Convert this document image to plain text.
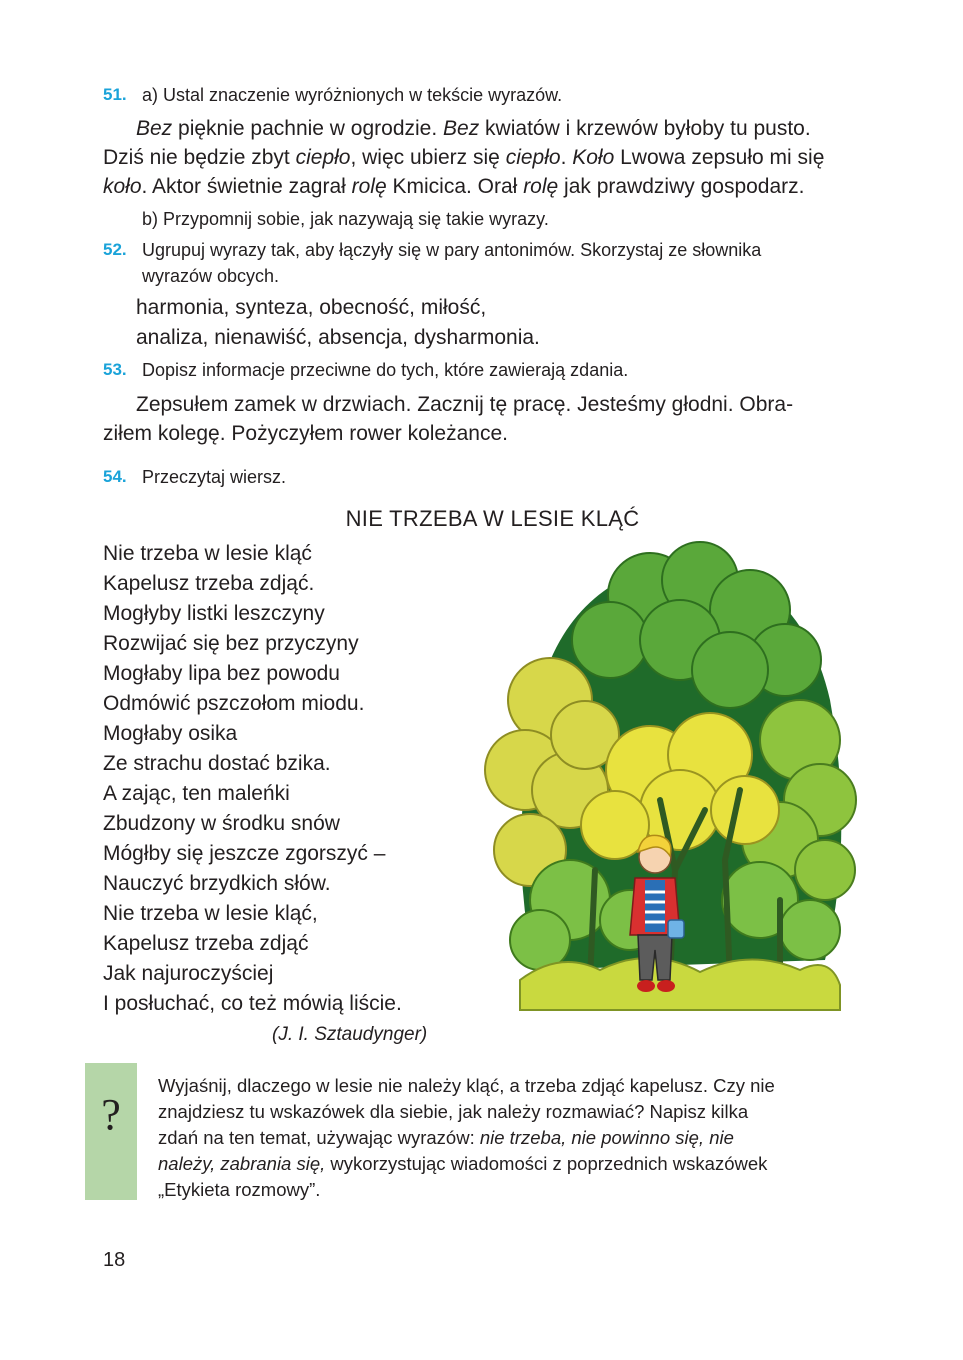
51. a) Ustal znaczenie wyróżnionych w tekście wyrazów.
Bez pięknie pachnie w ogrodzie. Bez kwiatów i krzewów byłoby tu pusto.
Dziś nie będzie zbyt ciepło, więc ubierz się ciepło. Koło Lwowa zepsuło mi się
koło. Aktor świetnie zagrał rolę Kmicica. Orał rolę jak prawdziwy gospodarz.
b) Przypomnij sobie, jak nazywają się takie wyrazy.
52. Ugrupuj wyrazy tak, aby łączyły się w pary antonimów. Skorzystaj ze słownika
wyrazów obcych.
harmonia, synteza, obecność, miłość,
analiza, nienawiść, absencja, dysharmonia.
53. Dopisz informacje przeciwne do tych, które zawierają zdania.
Zepsułem zamek w drzwiach. Zacznij tę pracę. Jesteśmy głodni. Obra-
ziłem kolegę. Pożyczyłem rower koleżance.
54. Przeczytaj wiersz.
NIE TRZEBA W LESIE KLĄĆ
Nie trzeba w lesie kląć
Kapelusz trzeba zdjąć.
Mogłyby listki leszczyny
Rozwijać się bez przyczyny
Mogłaby lipa bez powodu
Odmówić pszczołom miodu.
Mogłaby osika
Ze strachu dostać bzika.
A zając, ten maleńki
Zbudzony w środku snów
Mógłby się jeszcze zgorszyć –
Nauczyć brzydkich słów.
Nie trzeba w lesie kląć,
Kapelusz trzeba zdjąć
Jak najuroczyściej
I posłuchać, co też mówią liście.
(J. I. Sztaudynger)
?
Wyjaśnij, dlaczego w lesie nie należy kląć, a trzeba zdjąć kapelusz. Czy nie
znajdziesz tu wskazówek dla siebie, jak należy rozmawiać? Napisz kilka
zdań na ten temat, używając wyrazów: nie trzeba, nie powinno się, nie
należy, zabrania się, wykorzystując wiadomości z poprzednich wskazówek
„Etykieta rozmowy”.
18
